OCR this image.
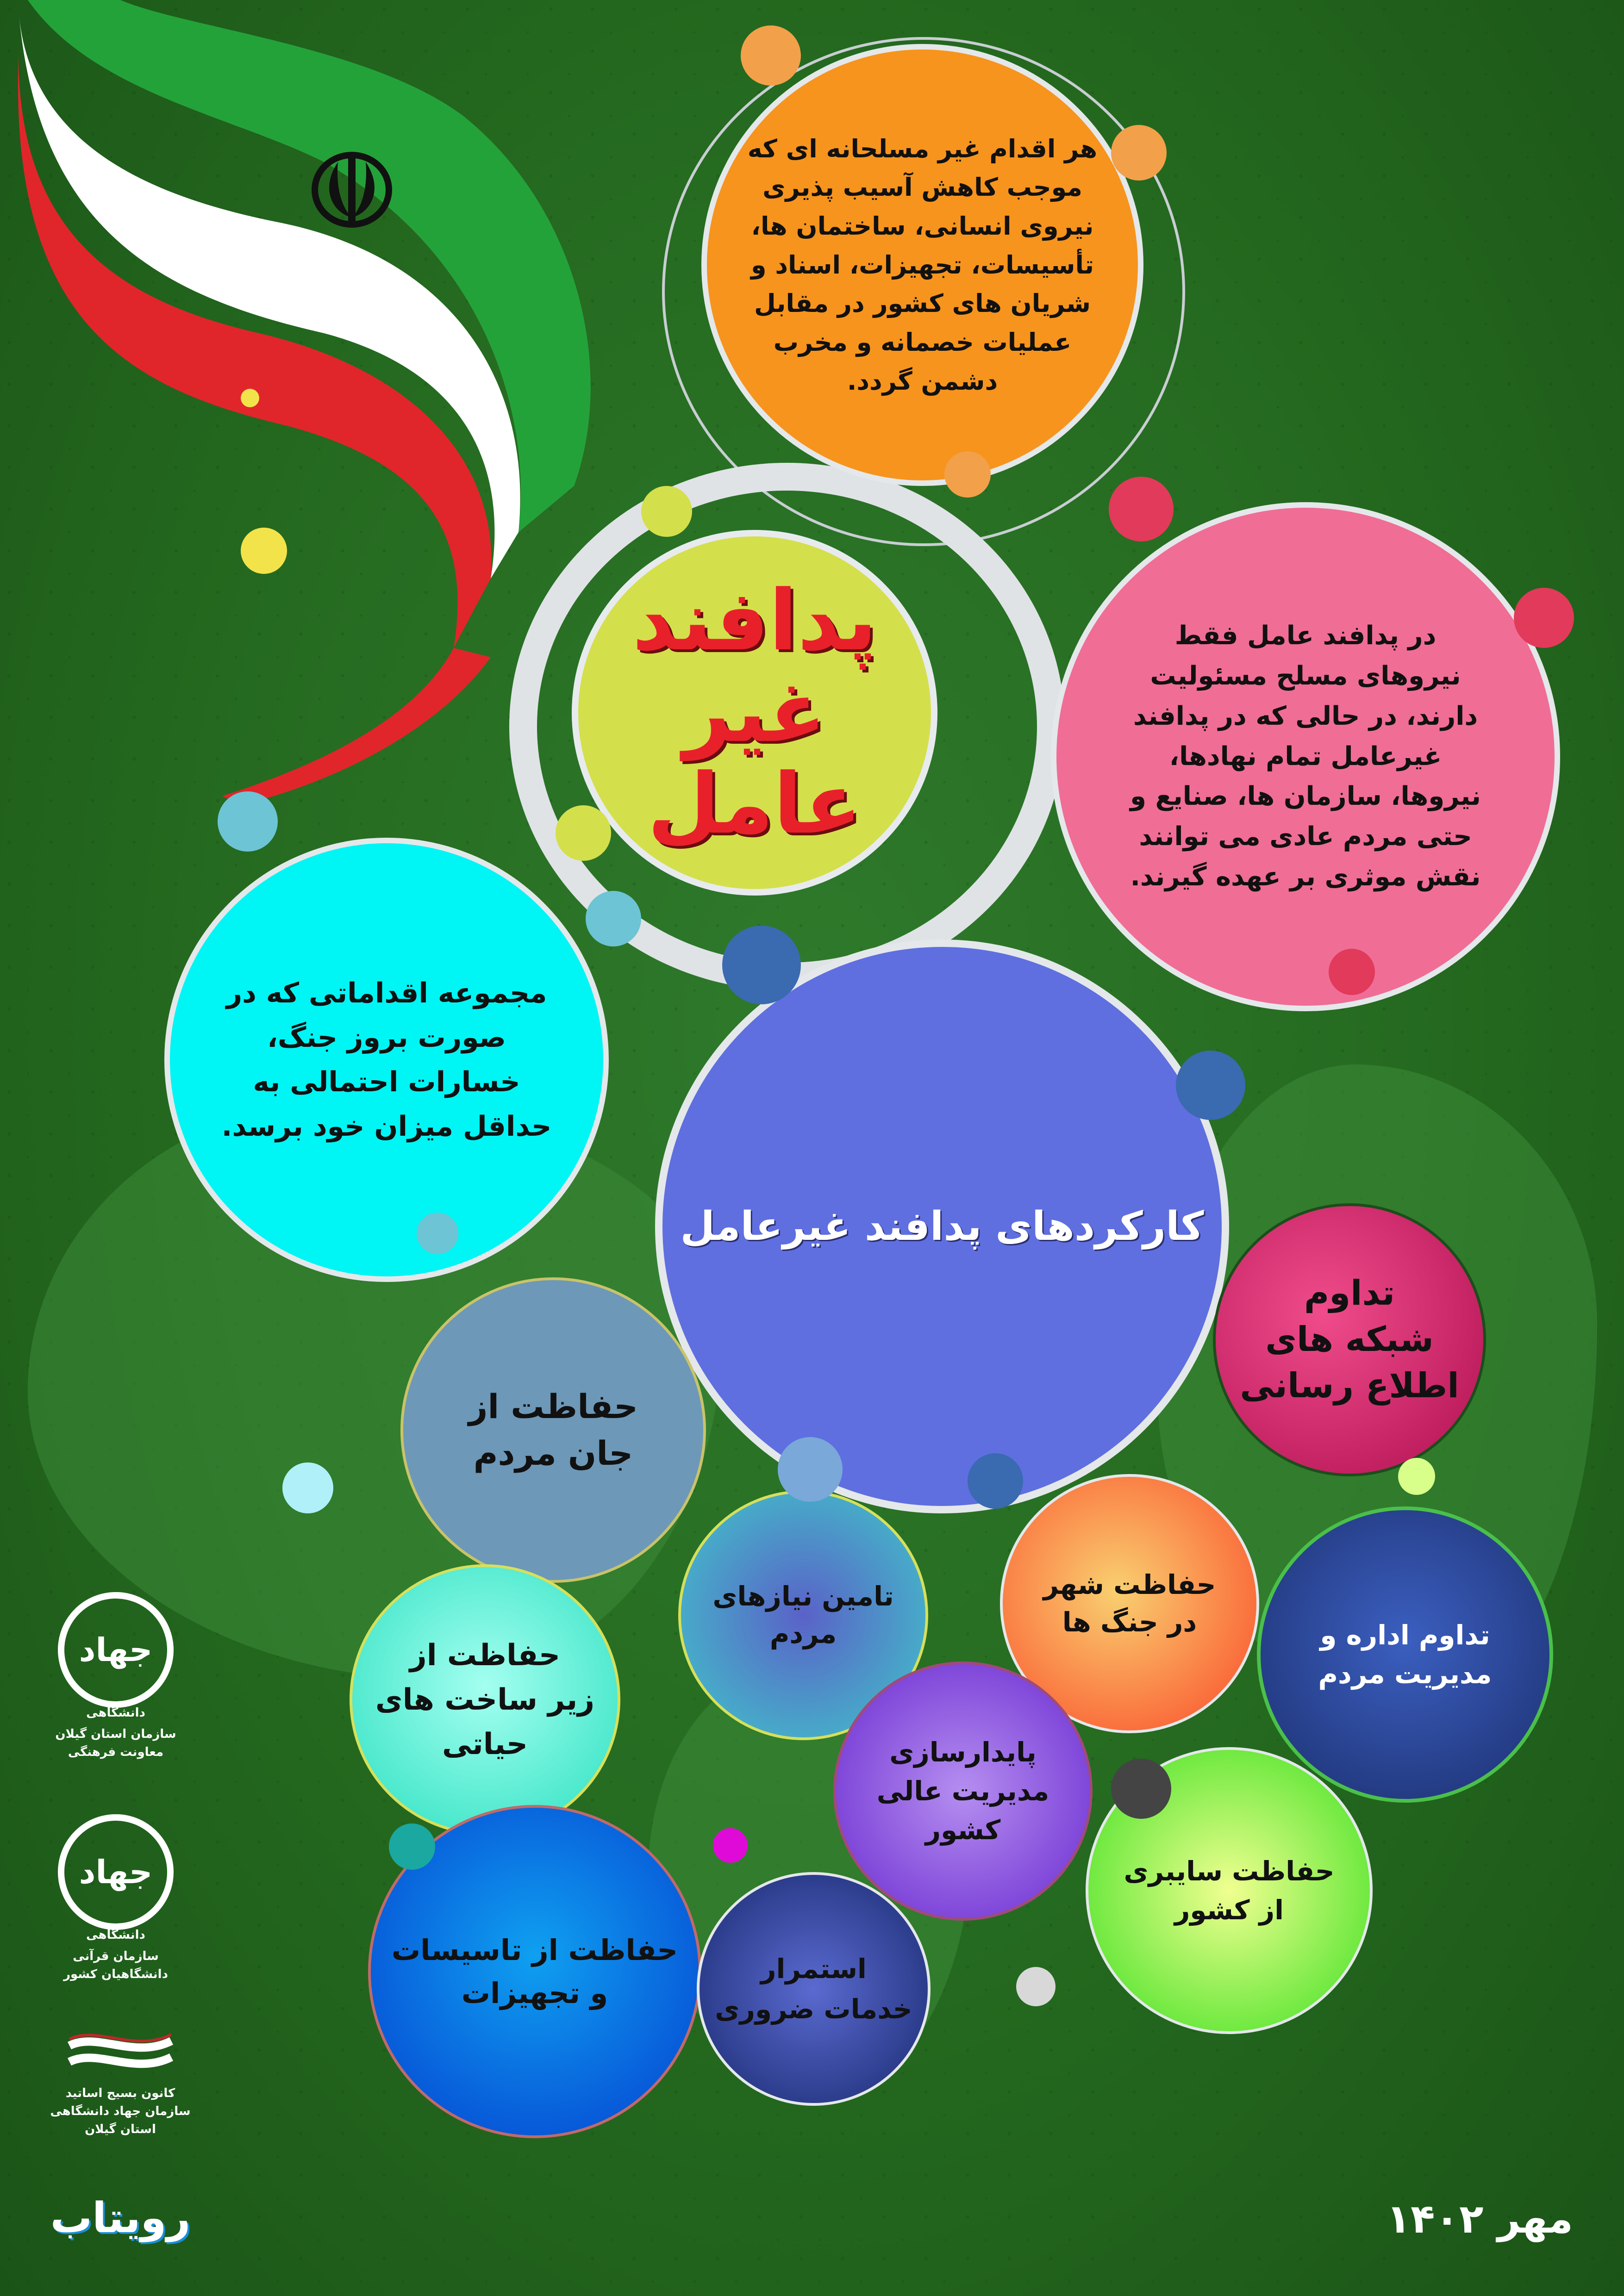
پدافند
غیر عامل
هر اقدام غیر مسلحانه ای که
موجب کاهش آسیب پذیری
نیروی انسانی، ساختمان ها،
تأسیسات، تجهیزات، اسناد و
شریان های کشور در مقابل
عملیات خصمانه و مخرب
دشمن گردد.
در پدافند عامل فقط
نیروهای مسلح مسئولیت
دارند، در حالی که در پدافند
غیرعامل تمام نهادها،
نیروها، سازمان ها، صنایع و
حتی مردم عادی می توانند
نقش موثری بر عهده گیرند.
مجموعه اقداماتی که در
صورت بروز جنگ،
خسارات احتمالی به
حداقل میزان خود برسد.
کارکردهای پدافند غیرعامل
تداوم
شبکه های
اطلاع رسانی
حفاظت از
جان مردم
تامین نیازهای
مردم
حفاظت شهر
در جنگ ها	تداوم اداره و
مدیریت مردم
حفاظت از
زیر ساخت های
حیاتی	پایدارسازی
مدیریت عالی
کشور
حفاظت سایبری
از کشور
حفاظت از تاسیسات
و تجهیزات
استمرار
خدمات ضروری
جهاد
دانشگاهی
سازمان استان گیلان
معاونت فرهنگی
جهاد
دانشگاهی
سازمان قرآنی
دانشگاهیان کشور
کانون بسیج اساتید
سازمان جهاد دانشگاهی استان گیلان
رویتاب	مهر ۱۴۰۲
